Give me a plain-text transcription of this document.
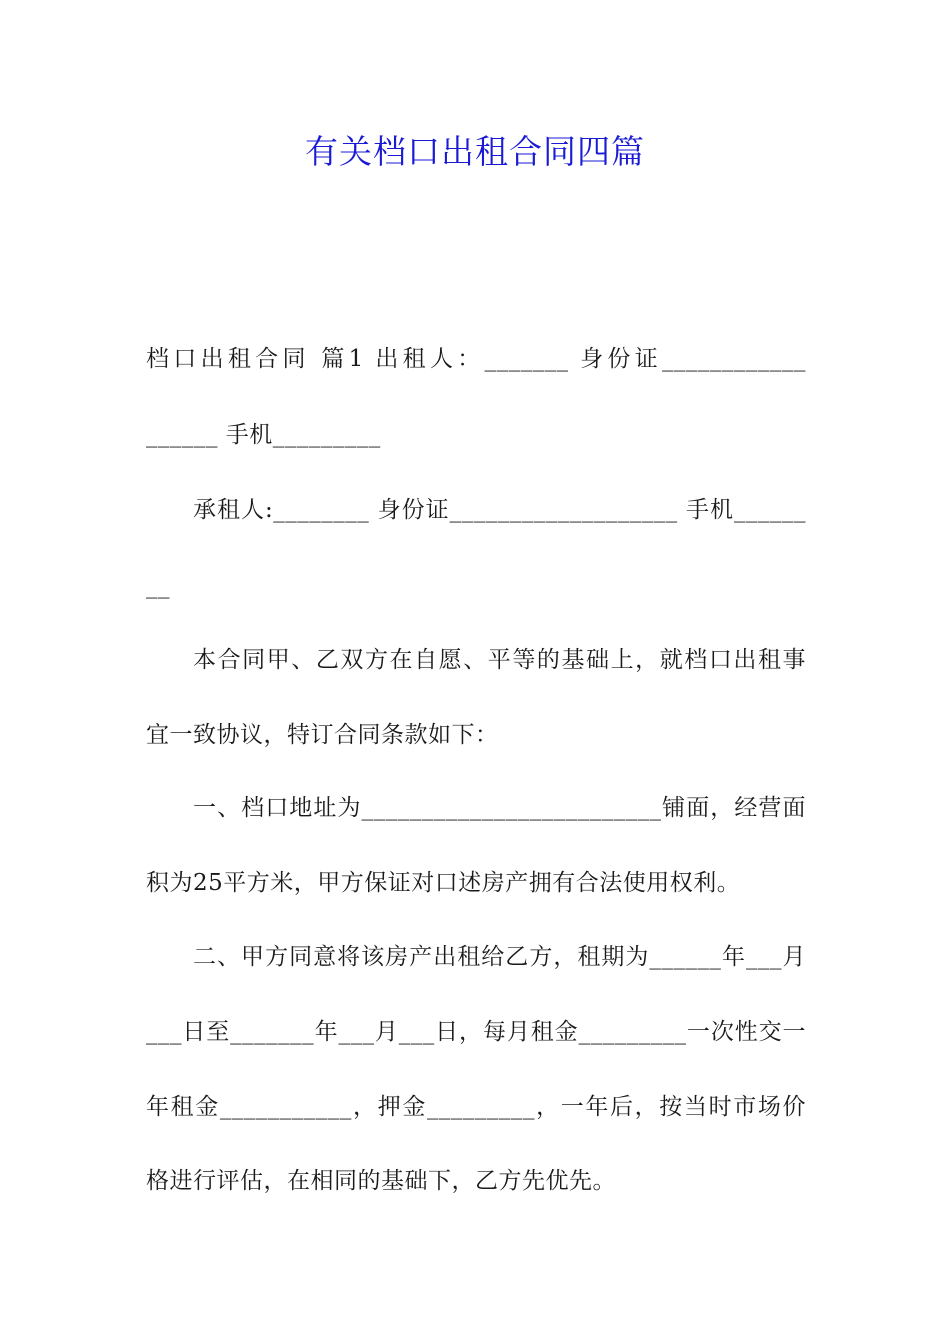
有关档口出租合同四篇
档口出租合同 篇1 出租人：_______ 身份证____________
______ 手机_________
承租人:________ 身份证___________________ 手机______
__
本合同甲、乙双方在自愿、平等的基础上，就档口出租事
宜一致协议，特订合同条款如下：
一、档口地址为_________________________铺面，经营面
积为25平方米，甲方保证对口述房产拥有合法使用权利。
二、甲方同意将该房产出租给乙方，租期为______年___月
___日至_______年___月___日，每月租金_________一次性交一
年租金___________，押金_________，一年后，按当时市场价
格进行评估，在相同的基础下，乙方先优先。
